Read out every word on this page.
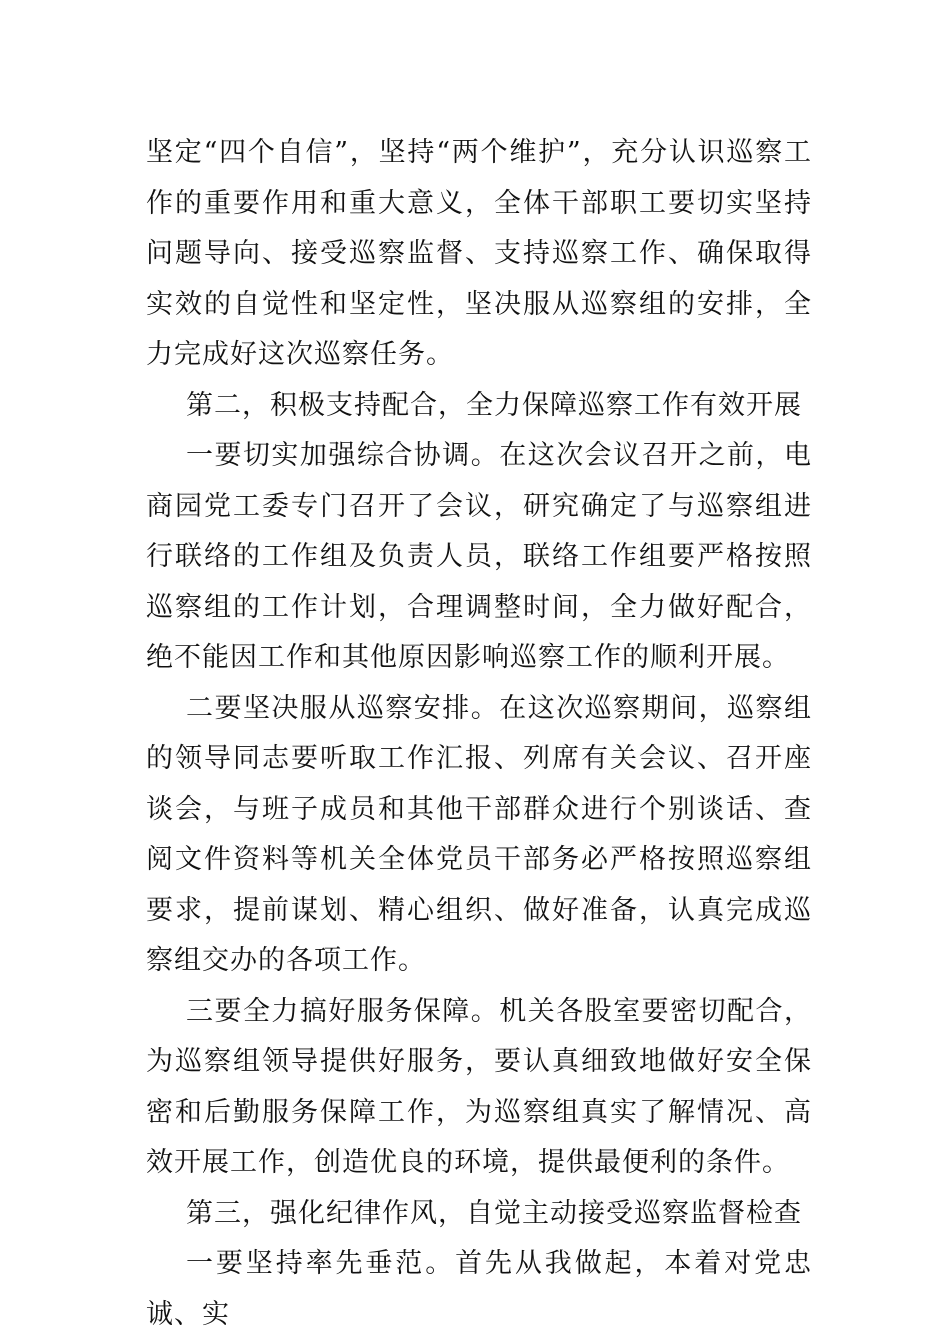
坚定“四个自信”，坚持“两个维护”，充分认识巡察工作的重要作用和重大意义，全体干部职工要切实坚持问题导向、接受巡察监督、支持巡察工作、确保取得实效的自觉性和坚定性，坚决服从巡察组的安排，全力完成好这次巡察任务。

第二，积极支持配合，全力保障巡察工作有效开展

一要切实加强综合协调。在这次会议召开之前，电商园党工委专门召开了会议，研究确定了与巡察组进行联络的工作组及负责人员，联络工作组要严格按照巡察组的工作计划，合理调整时间，全力做好配合，绝不能因工作和其他原因影响巡察工作的顺利开展。

二要坚决服从巡察安排。在这次巡察期间，巡察组的领导同志要听取工作汇报、列席有关会议、召开座谈会，与班子成员和其他干部群众进行个别谈话、查阅文件资料等机关全体党员干部务必严格按照巡察组要求，提前谋划、精心组织、做好准备，认真完成巡察组交办的各项工作。

三要全力搞好服务保障。机关各股室要密切配合，为巡察组领导提供好服务，要认真细致地做好安全保密和后勤服务保障工作，为巡察组真实了解情况、高效开展工作，创造优良的环境，提供最便利的条件。

第三，强化纪律作风，自觉主动接受巡察监督检查

一要坚持率先垂范。首先从我做起，本着对党忠诚、实
